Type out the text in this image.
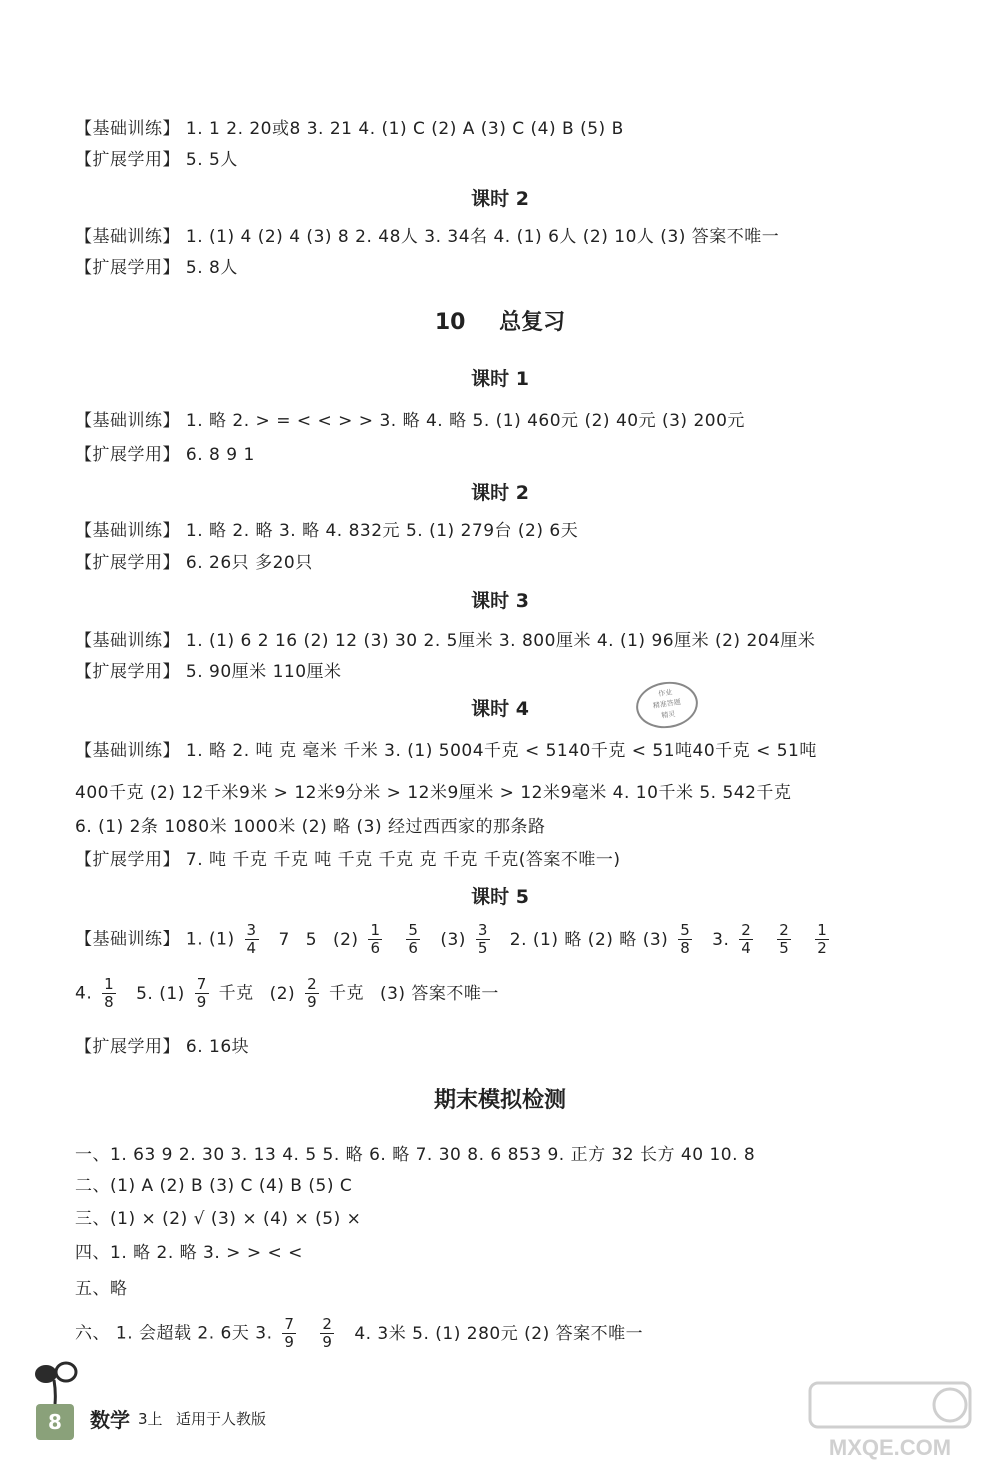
【基础训练】 1. 1 2. 20或8 3. 21 4. (1) C (2) A (3) C (4) B (5) B
【扩展学用】 5. 5人
课时 2
【基础训练】 1. (1) 4 (2) 4 (3) 8 2. 48人 3. 34名 4. (1) 6人 (2) 10人 (3) 答案不唯一
【扩展学用】 5. 8人
10 总复习
课时 1
【基础训练】 1. 略 2. > = < < > > 3. 略 4. 略 5. (1) 460元 (2) 40元 (3) 200元
【扩展学用】 6. 8 9 1
课时 2
【基础训练】 1. 略 2. 略 3. 略 4. 832元 5. (1) 279台 (2) 6天
【扩展学用】 6. 26只 多20只
课时 3
【基础训练】 1. (1) 6 2 16 (2) 12 (3) 30 2. 5厘米 3. 800厘米 4. (1) 96厘米 (2) 204厘米
【扩展学用】 5. 90厘米 110厘米
课时 4
作业
精准答题
精灵
【基础训练】 1. 略 2. 吨 克 毫米 千米 3. (1) 5004千克 < 5140千克 < 51吨40千克 < 51吨
400千克 (2) 12千米9米 > 12米9分米 > 12米9厘米 > 12米9毫米 4. 10千米 5. 542千克
6. (1) 2条 1080米 1000米 (2) 略 (3) 经过西西家的那条路
【扩展学用】 7. 吨 千克 千克 吨 千克 千克 克 千克 千克(答案不唯一)
课时 5
【基础训练】 1. $(1) \frac{3}{4} 7$ 5 $(2) \frac{1}{6}$
$\frac{5}{6} (3) \frac{3}{5} 2$. (1) 略 (2) 略 $(3) \frac{5}{8} 3$. $\frac{2}{4}$
$\frac{2}{5}$
$\frac{1}{2}$
4. $\frac{1}{8} 5$. $(1) \frac{7}{9}$ 千克 $(2) \frac{2}{9}$ 千克 (3) 答案不唯一
【扩展学用】 6. 16块
期末模拟检测
一、1. 63 9 2. 30 3. 13 4. 5 5. 略 6. 略 7. 30 8. 6 853 9. 正方 32 长方 40 10. 8
二、(1) A (2) B (3) C (4) B (5) C
三、(1) × (2) √ (3) × (4) × (5) ×
四、1. 略 2. 略 3. > > < <
五、略
六、 1. 会超载 2. 6天 3. $\frac{7}{9}$
$\frac{2}{9} 4$. 3米 5. (1) 280元 (2) 答案不唯一
8	数学 3上 适用于人教版
MXQE.COM
